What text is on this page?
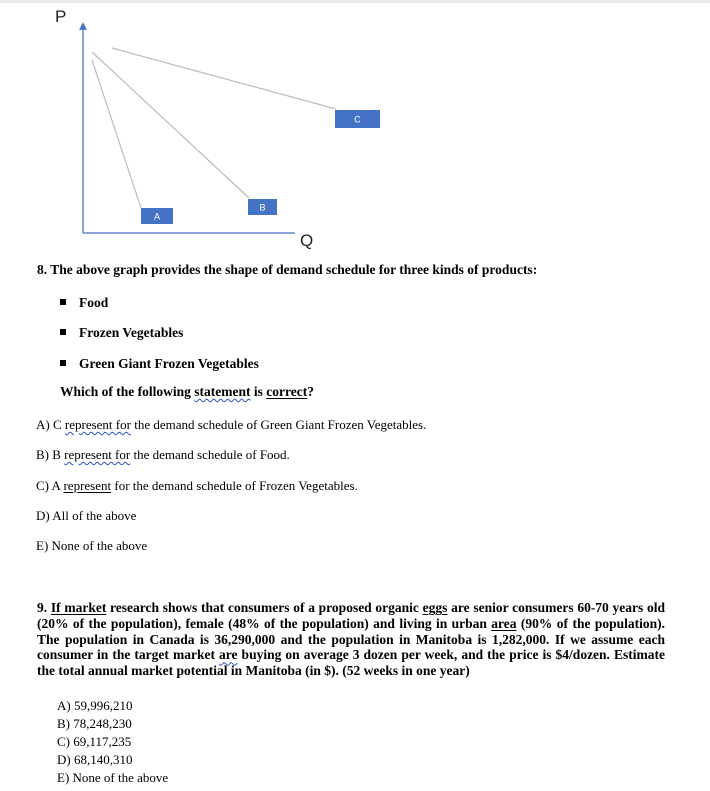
P
Q
A
B
C
8. The above graph provides the shape of demand schedule for three kinds of products:
Food
Frozen Vegetables
Green Giant Frozen Vegetables
Which of the following statement is correct?
A) C represent for the demand schedule of Green Giant Frozen Vegetables.
B) B represent for the demand schedule of Food.
C) A represent for the demand schedule of Frozen Vegetables.
D) All of the above
E) None of the above
9. If market research shows that consumers of a proposed organic eggs are senior consumers 60-70 years old (20% of the population), female (48% of the population) and living in urban area (90% of the population). The population in Canada is 36,290,000 and the population in Manitoba is 1,282,000. If we assume each consumer in the target market are buying on average 3 dozen per week, and the price is $4/dozen. Estimate the total annual market potential in Manitoba (in $). (52 weeks in one year)
A) 59,996,210
B) 78,248,230
C) 69,117,235
D) 68,140,310
E) None of the above
